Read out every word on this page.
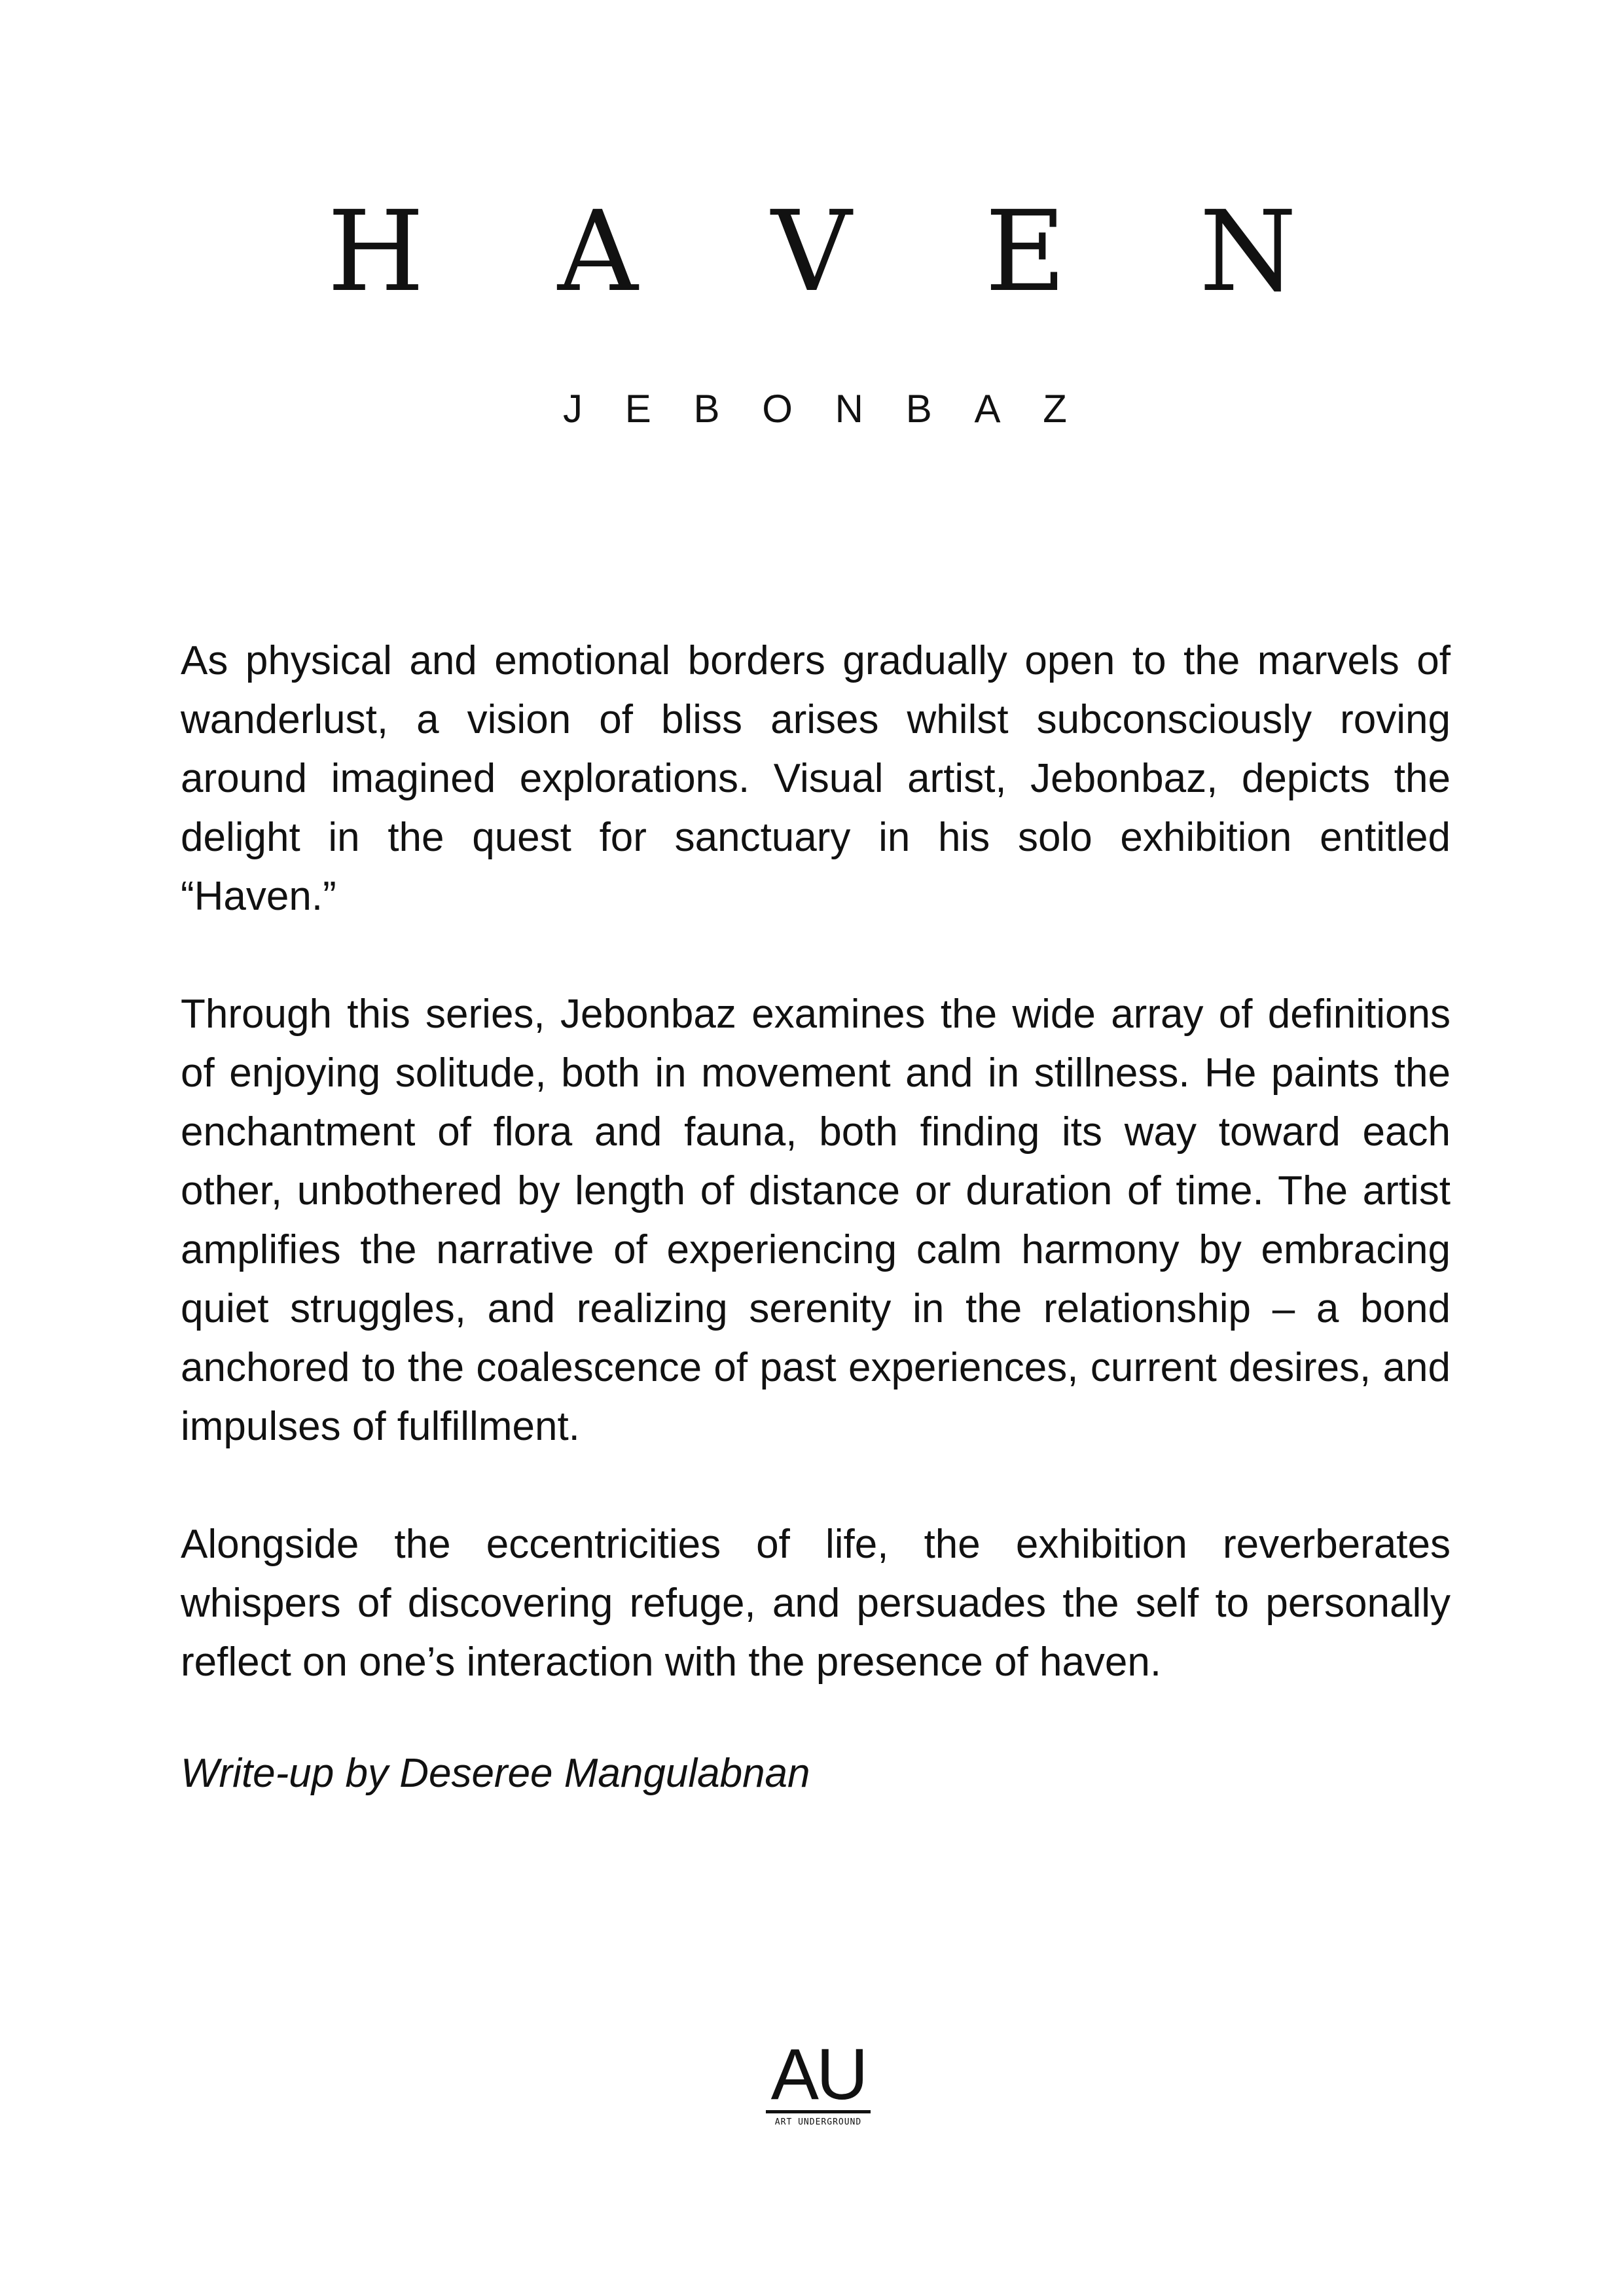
H A V E N
J E B O N B A Z

As physical and emotional borders gradually open to the marvels of wanderlust, a vision of bliss arises whilst subconsciously roving around imagined explorations. Visual artist, Jebonbaz, depicts the delight in the quest for sanctuary in his solo exhibition entitled “Haven.”

Through this series, Jebonbaz examines the wide array of definitions of enjoying solitude, both in movement and in stillness. He paints the enchantment of flora and fauna, both finding its way toward each other, unbothered by length of distance or duration of time. The artist amplifies the narrative of experiencing calm harmony by embracing quiet struggles, and realizing serenity in the relationship – a bond anchored to the coalescence of past experiences, current desires, and impulses of fulfillment.

Alongside the eccentricities of life, the exhibition reverberates whispers of discovering refuge, and persuades the self to personally reflect on one’s interaction with the presence of haven.

Write-up by Deseree Mangulabnan

AU
ART UNDERGROUND
